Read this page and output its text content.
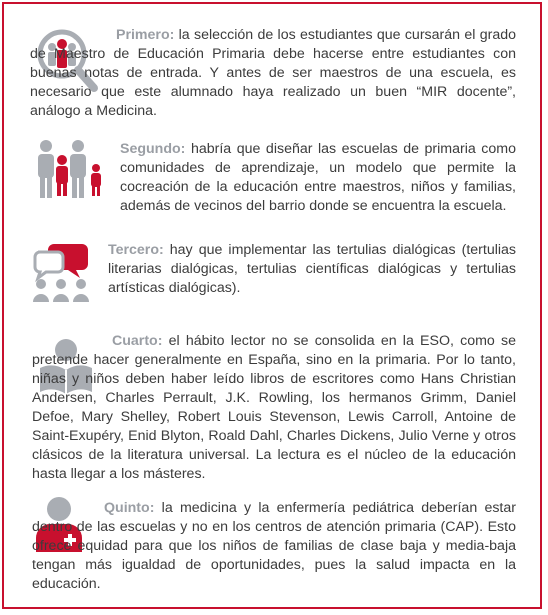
Primero: la selección de los estudiantes que cursarán el grado de Maestro de Educación Primaria debe hacerse entre estudiantes con buenas notas de entrada. Y antes de ser maestros de una escuela, es necesario que este alumnado haya realizado un buen “MIR docente”, análogo a Medicina.

Segundo: habría que diseñar las escuelas de primaria como comunidades de aprendizaje, un modelo que permite la cocreación de la educación entre maestros, niños y familias, además de vecinos del barrio donde se encuentra la escuela.

Tercero: hay que implementar las tertulias dialógicas (tertulias literarias dialógicas, tertulias científicas dialógicas y tertulias artísticas dialógicas).

Cuarto: el hábito lector no se consolida en la ESO, como se pretende hacer generalmente en España, sino en la primaria. Por lo tanto, niñas y niños deben haber leído libros de escritores como Hans Christian Andersen, Charles Perrault, J.K. Rowling, los hermanos Grimm, Daniel Defoe, Mary Shelley, Robert Louis Stevenson, Lewis Carroll, Antoine de Saint-Exupéry, Enid Blyton, Roald Dahl, Charles Dickens, Julio Verne y otros clásicos de la literatura universal. La lectura es el núcleo de la educación hasta llegar a los másteres.

Quinto: la medicina y la enfermería pediátrica deberían estar dentro de las escuelas y no en los centros de atención primaria (CAP). Esto ofrece equidad para que los niños de familias de clase baja y media-baja tengan más igualdad de oportunidades, pues la salud impacta en la educación.
